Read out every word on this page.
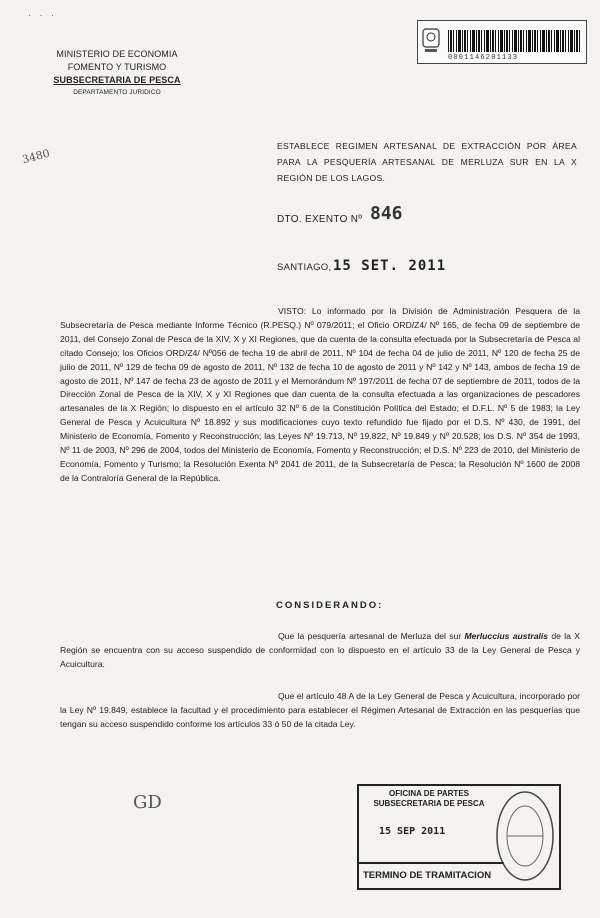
· · ·
MINISTERIO DE ECONOMIA
FOMENTO Y TURISMO
SUBSECRETARIA DE PESCA
DEPARTAMENTO JURIDICO
3480
0001146201133
ESTABLECE REGIMEN ARTESANAL DE EXTRACCIÓN POR ÁREA PARA LA PESQUERÍA ARTESANAL DE MERLUZA SUR EN LA X REGIÓN DE LOS LAGOS.
DTO. EXENTO Nº 846
SANTIAGO, 15 SET. 2011
VISTO: Lo informado por la División de Administración Pesquera de la Subsecretaría de Pesca mediante Informe Técnico (R.PESQ.) Nº 079/2011; el Oficio ORD/Z4/ Nº 165, de fecha 09 de septiembre de 2011, del Consejo Zonal de Pesca de la XIV, X y XI Regiones, que da cuenta de la consulta efectuada por la Subsecretaría de Pesca al citado Consejo; los Oficios ORD/Z4/ Nº056 de fecha 19 de abril de 2011, Nº 104 de fecha 04 de julio de 2011, Nº 120 de fecha 25 de julio de 2011, Nº 129 de fecha 09 de agosto de 2011, Nº 132 de fecha 10 de agosto de 2011 y Nº 142 y Nº 143, ambos de fecha 19 de agosto de 2011, Nº 147 de fecha 23 de agosto de 2011 y el Memorándum Nº 197/2011 de fecha 07 de septiembre de 2011, todos de la Dirección Zonal de Pesca de la XIV, X y XI Regiones que dan cuenta de la consulta efectuada a las organizaciones de pescadores artesanales de la X Región; lo dispuesto en el artículo 32 Nº 6 de la Constitución Política del Estado; el D.F.L. Nº 5 de 1983; la Ley General de Pesca y Acuicultura Nº 18.892 y sus modificaciones cuyo texto refundido fue fijado por el D.S. Nº 430, de 1991, del Ministerio de Economía, Fomento y Reconstrucción; las Leyes Nº 19.713, Nº 19.822, Nº 19.849 y Nº 20.528; los D.S. Nº 354 de 1993, Nº 11 de 2003, Nº 296 de 2004, todos del Ministerio de Economía, Fomento y Reconstrucción; el D.S. Nº 223 de 2010, del Ministerio de Economía, Fomento y Turismo; la Resolución Exenta Nº 2041 de 2011, de la Subsecretaría de Pesca; la Resolución Nº 1600 de 2008 de la Contraloría General de la República.
CONSIDERANDO:
Que la pesquería artesanal de Merluza del sur Merluccius australis de la X Región se encuentra con su acceso suspendido de conformidad con lo dispuesto en el artículo 33 de la Ley General de Pesca y Acuicultura.
Que el artículo 48 A de la Ley General de Pesca y Acuicultura, incorporado por la Ley Nº 19.849, establece la facultad y el procedimiento para establecer el Régimen Artesanal de Extracción en las pesquerías que tengan su acceso suspendido conforme los artículos 33 ó 50 de la citada Ley.
GD	OFICINA DE PARTES
SUBSECRETARIA DE PESCA
15 SEP 2011
TERMINO DE TRAMITACION
